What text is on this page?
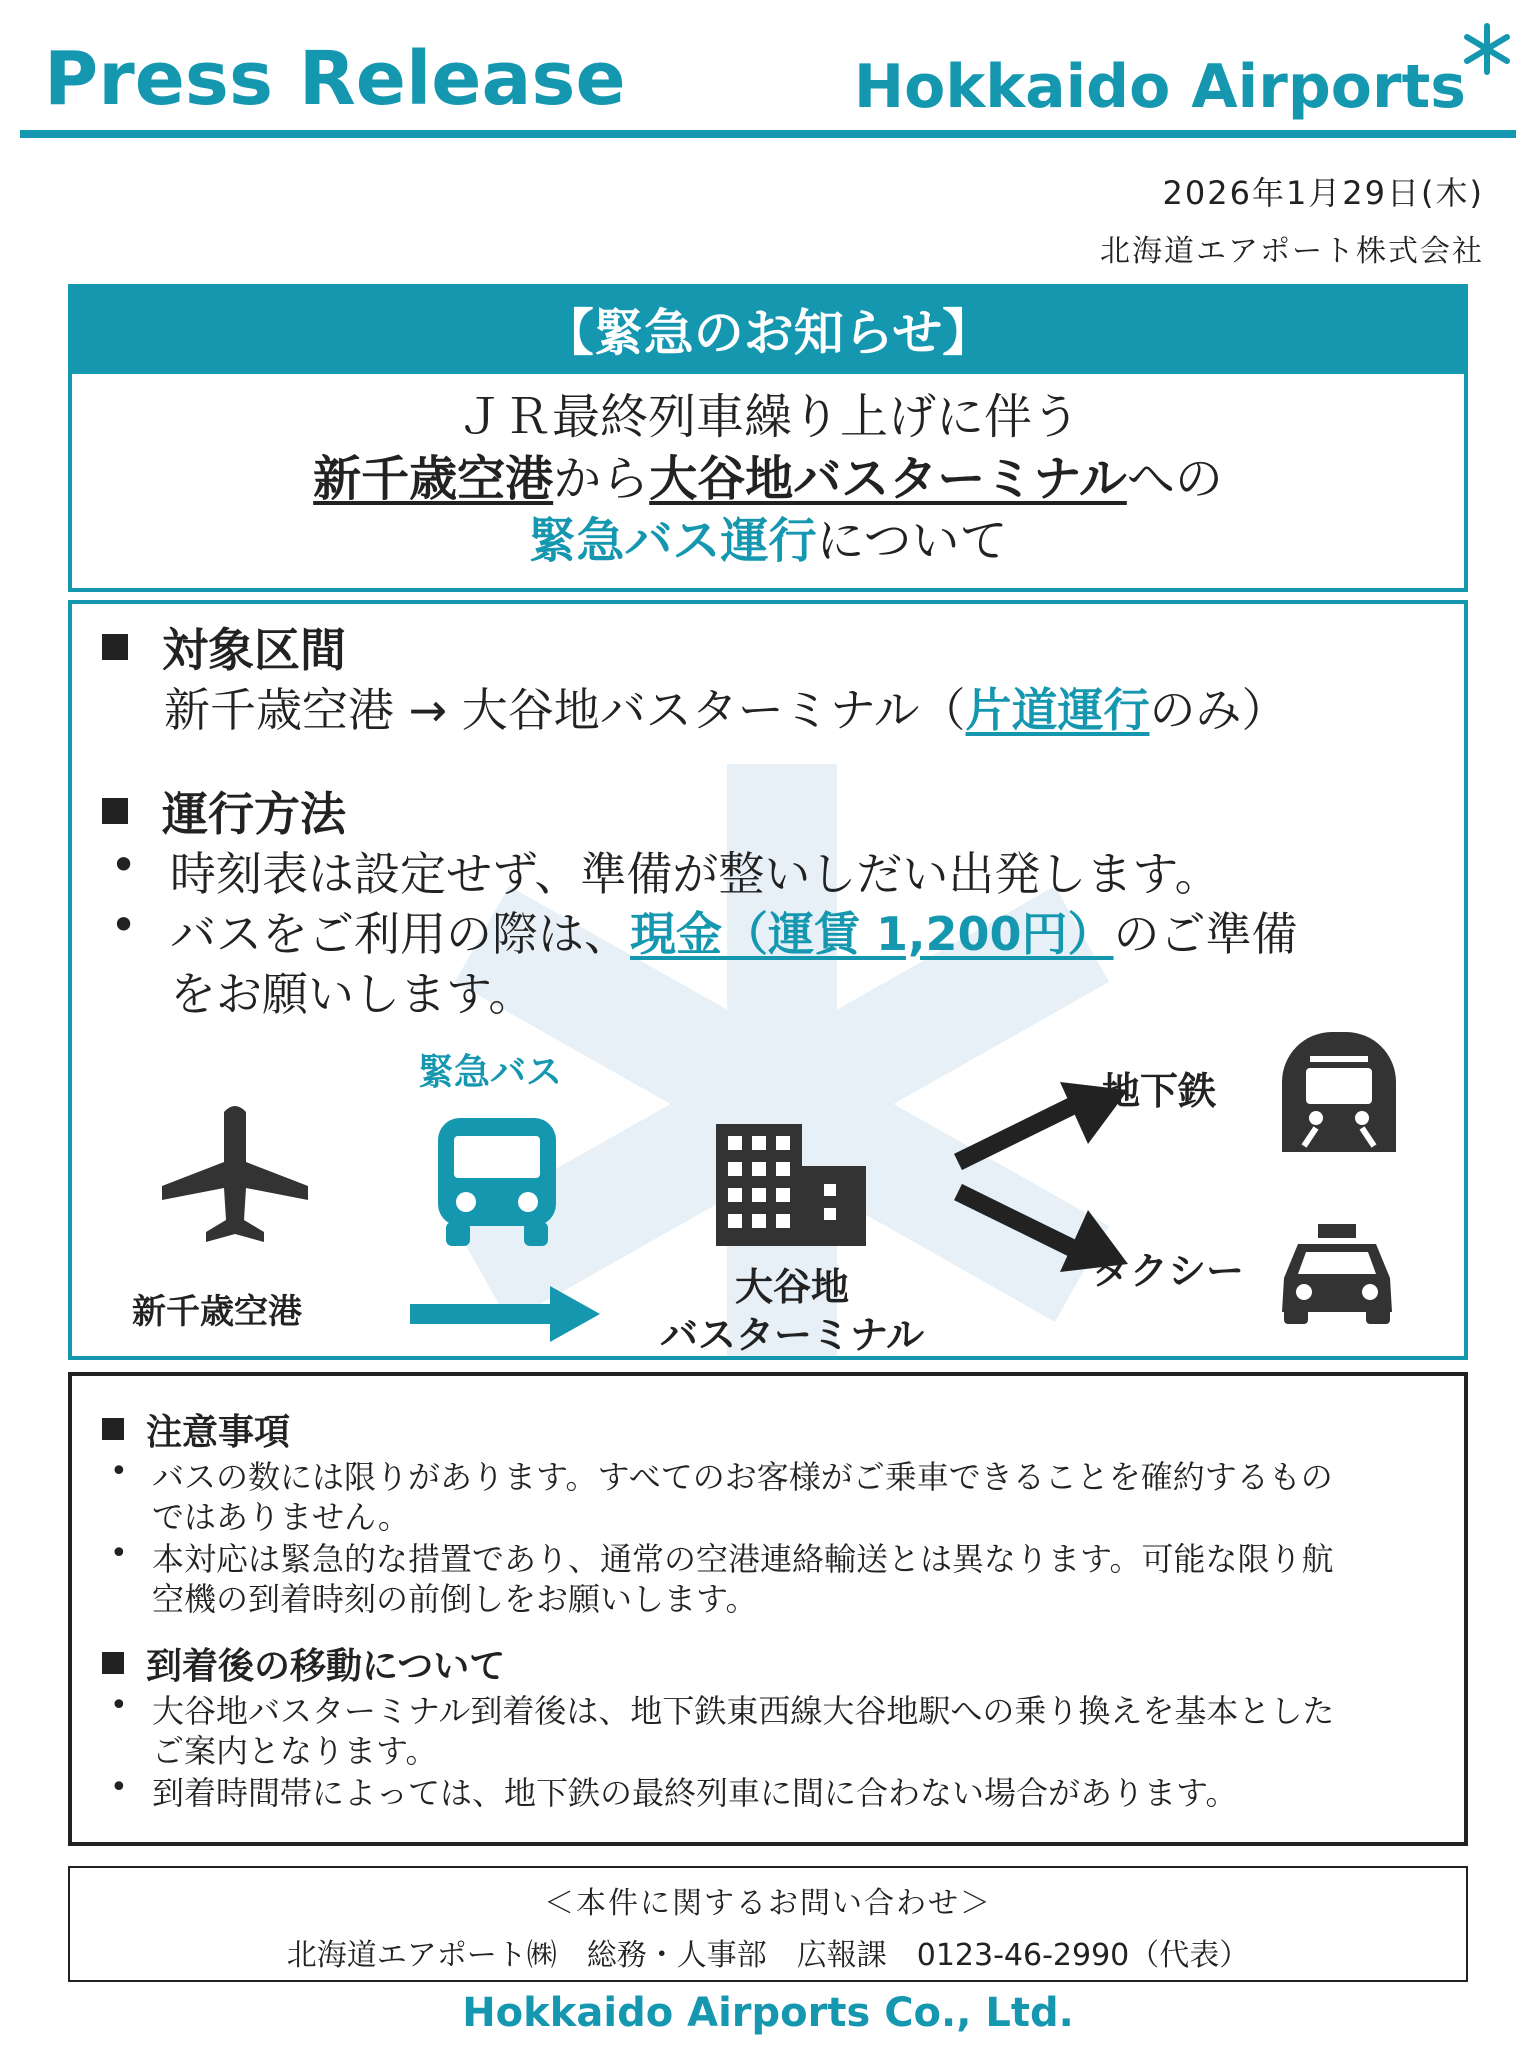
Press Release	Hokkaido Airports
2026年1月29日(木)
北海道エアポート株式会社
【緊急のお知らせ】
ＪＲ最終列車繰り上げに伴う
新千歳空港から大谷地バスターミナルへの
緊急バス運行について
対象区間
新千歳空港 → 大谷地バスターミナル（片道運行のみ）
運行方法
• 時刻表は設定せず、準備が整いしだい出発します。
• バスをご利用の際は、現金（運賃 1,200円）のご準備
をお願いします。
新千歳空港
緊急バス
大谷地
バスターミナル
地下鉄
タクシー
注意事項
• バスの数には限りがあります。すべてのお客様がご乗車できることを確約するもの
ではありません。
• 本対応は緊急的な措置であり、通常の空港連絡輸送とは異なります。可能な限り航
空機の到着時刻の前倒しをお願いします。
到着後の移動について
• 大谷地バスターミナル到着後は、地下鉄東西線大谷地駅への乗り換えを基本とした
ご案内となります。
• 到着時間帯によっては、地下鉄の最終列車に間に合わない場合があります。
＜本件に関するお問い合わせ＞
北海道エアポート㈱　総務・人事部　広報課　0123-46-2990（代表）
Hokkaido Airports Co., Ltd.
